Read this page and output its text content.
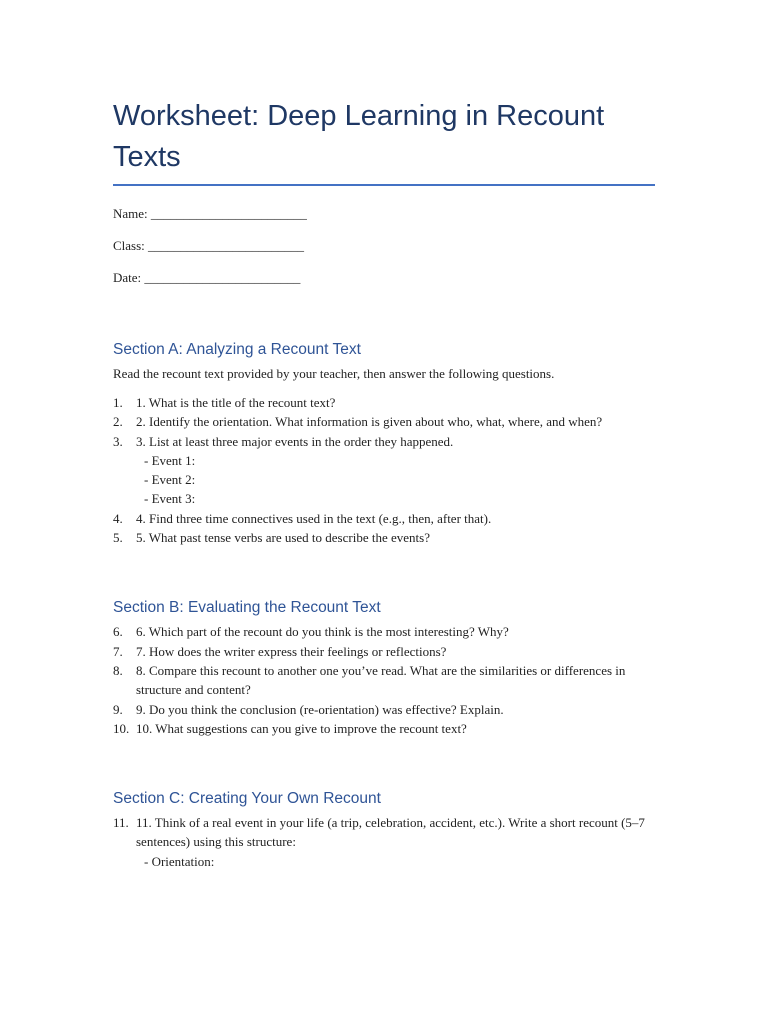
Worksheet: Deep Learning in Recount Texts
Name: ________________________
Class: ________________________
Date: ________________________
Section A: Analyzing a Recount Text
Read the recount text provided by your teacher, then answer the following questions.
1. 1. What is the title of the recount text?
2. 2. Identify the orientation. What information is given about who, what, where, and when?
3. 3. List at least three major events in the order they happened.
- Event 1:
- Event 2:
- Event 3:
4. 4. Find three time connectives used in the text (e.g., then, after that).
5. 5. What past tense verbs are used to describe the events?
Section B: Evaluating the Recount Text
6. 6. Which part of the recount do you think is the most interesting? Why?
7. 7. How does the writer express their feelings or reflections?
8. 8. Compare this recount to another one you’ve read. What are the similarities or differences in structure and content?
9. 9. Do you think the conclusion (re-orientation) was effective? Explain.
10. 10. What suggestions can you give to improve the recount text?
Section C: Creating Your Own Recount
11. 11. Think of a real event in your life (a trip, celebration, accident, etc.). Write a short recount (5–7 sentences) using this structure:
- Orientation:
